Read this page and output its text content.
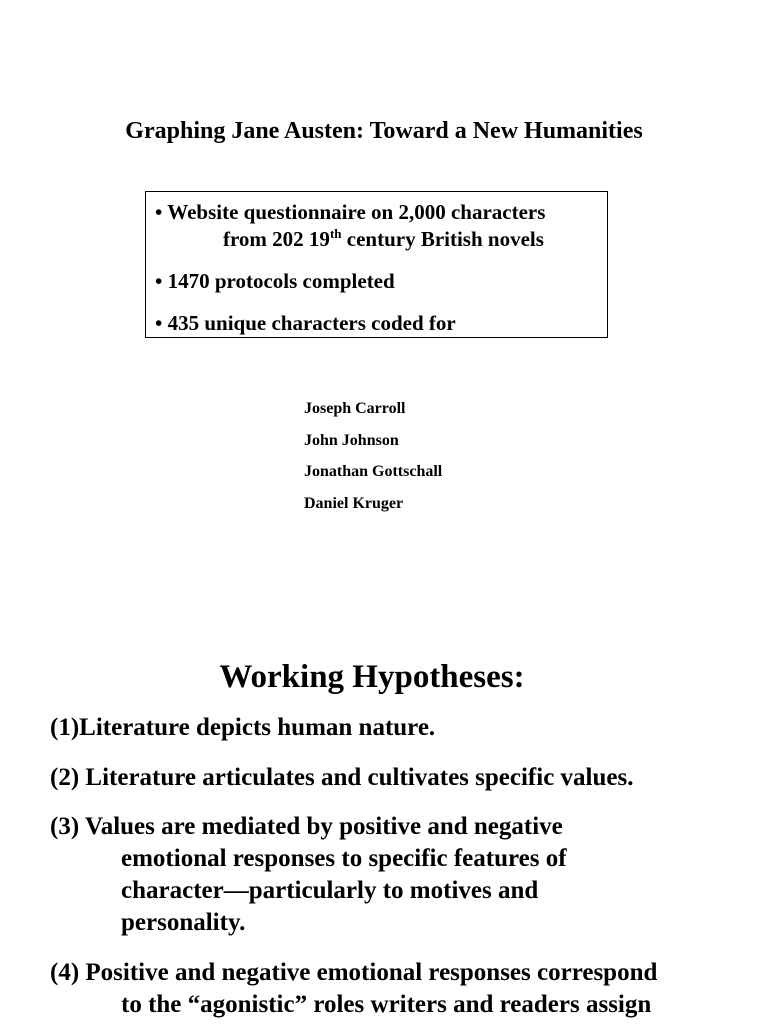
Graphing Jane Austen: Toward a New Humanities
• Website questionnaire on 2,000 characters
from 202 19th century British novels
• 1470 protocols completed
• 435 unique characters coded for
Joseph Carroll
John Johnson
Jonathan Gottschall
Daniel Kruger
Working Hypotheses:
(1)Literature depicts human nature.
(2) Literature articulates and cultivates specific values.
(3) Values are mediated by positive and negative
emotional responses to specific features of
character—particularly to motives and
personality.
(4) Positive and negative emotional responses correspond
to the “agonistic” roles writers and readers assign
